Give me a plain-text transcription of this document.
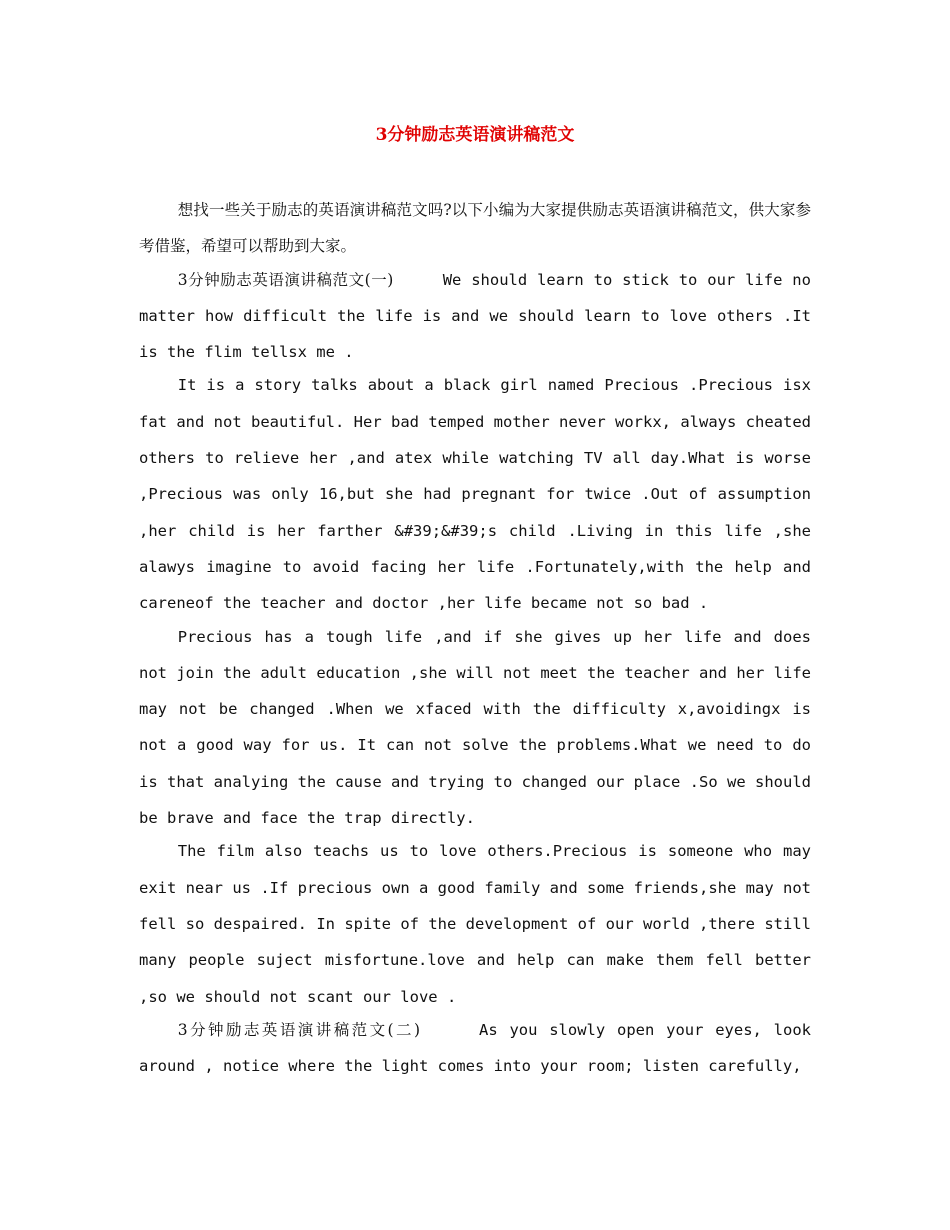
3分钟励志英语演讲稿范文

想找一些关于励志的英语演讲稿范文吗?以下小编为大家提供励志英语演讲稿范文，供大家参考借鉴，希望可以帮助到大家。

3分钟励志英语演讲稿范文(一)	We should learn to stick to our life no matter how difficult the life is and we should learn to love others .It is the flim tellsx me .

It is a story talks about a black girl named Precious .Precious isx fat and not beautiful. Her bad temped mother never workx, always cheated others to relieve her ,and atex while watching TV all day.What is worse ,Precious was only 16,but she had pregnant for twice .Out of assumption ,her child is her farther &#39;&#39;s child .Living in this life ,she alawys imagine to avoid facing her life .Fortunately,with the help and careneof the teacher and doctor ,her life became not so bad .

Precious has a tough life ,and if she gives up her life and does not join the adult education ,she will not meet the teacher and her life may not be changed .When we xfaced with the difficulty x,avoidingx is not a good way for us. It can not solve the problems.What we need to do is that analying the cause and trying to changed our place .So we should be brave and face the trap directly.

The film also teachs us to love others.Precious is someone who may exit near us .If precious own a good family and some friends,she may not fell so despaired. In spite of the development of our world ,there still many people suject misfortune.love and help can make them fell better ,so we should not scant our love .

3分钟励志英语演讲稿范文(二)	As you slowly open your eyes, look around , notice where the light comes into your room; listen carefully,
